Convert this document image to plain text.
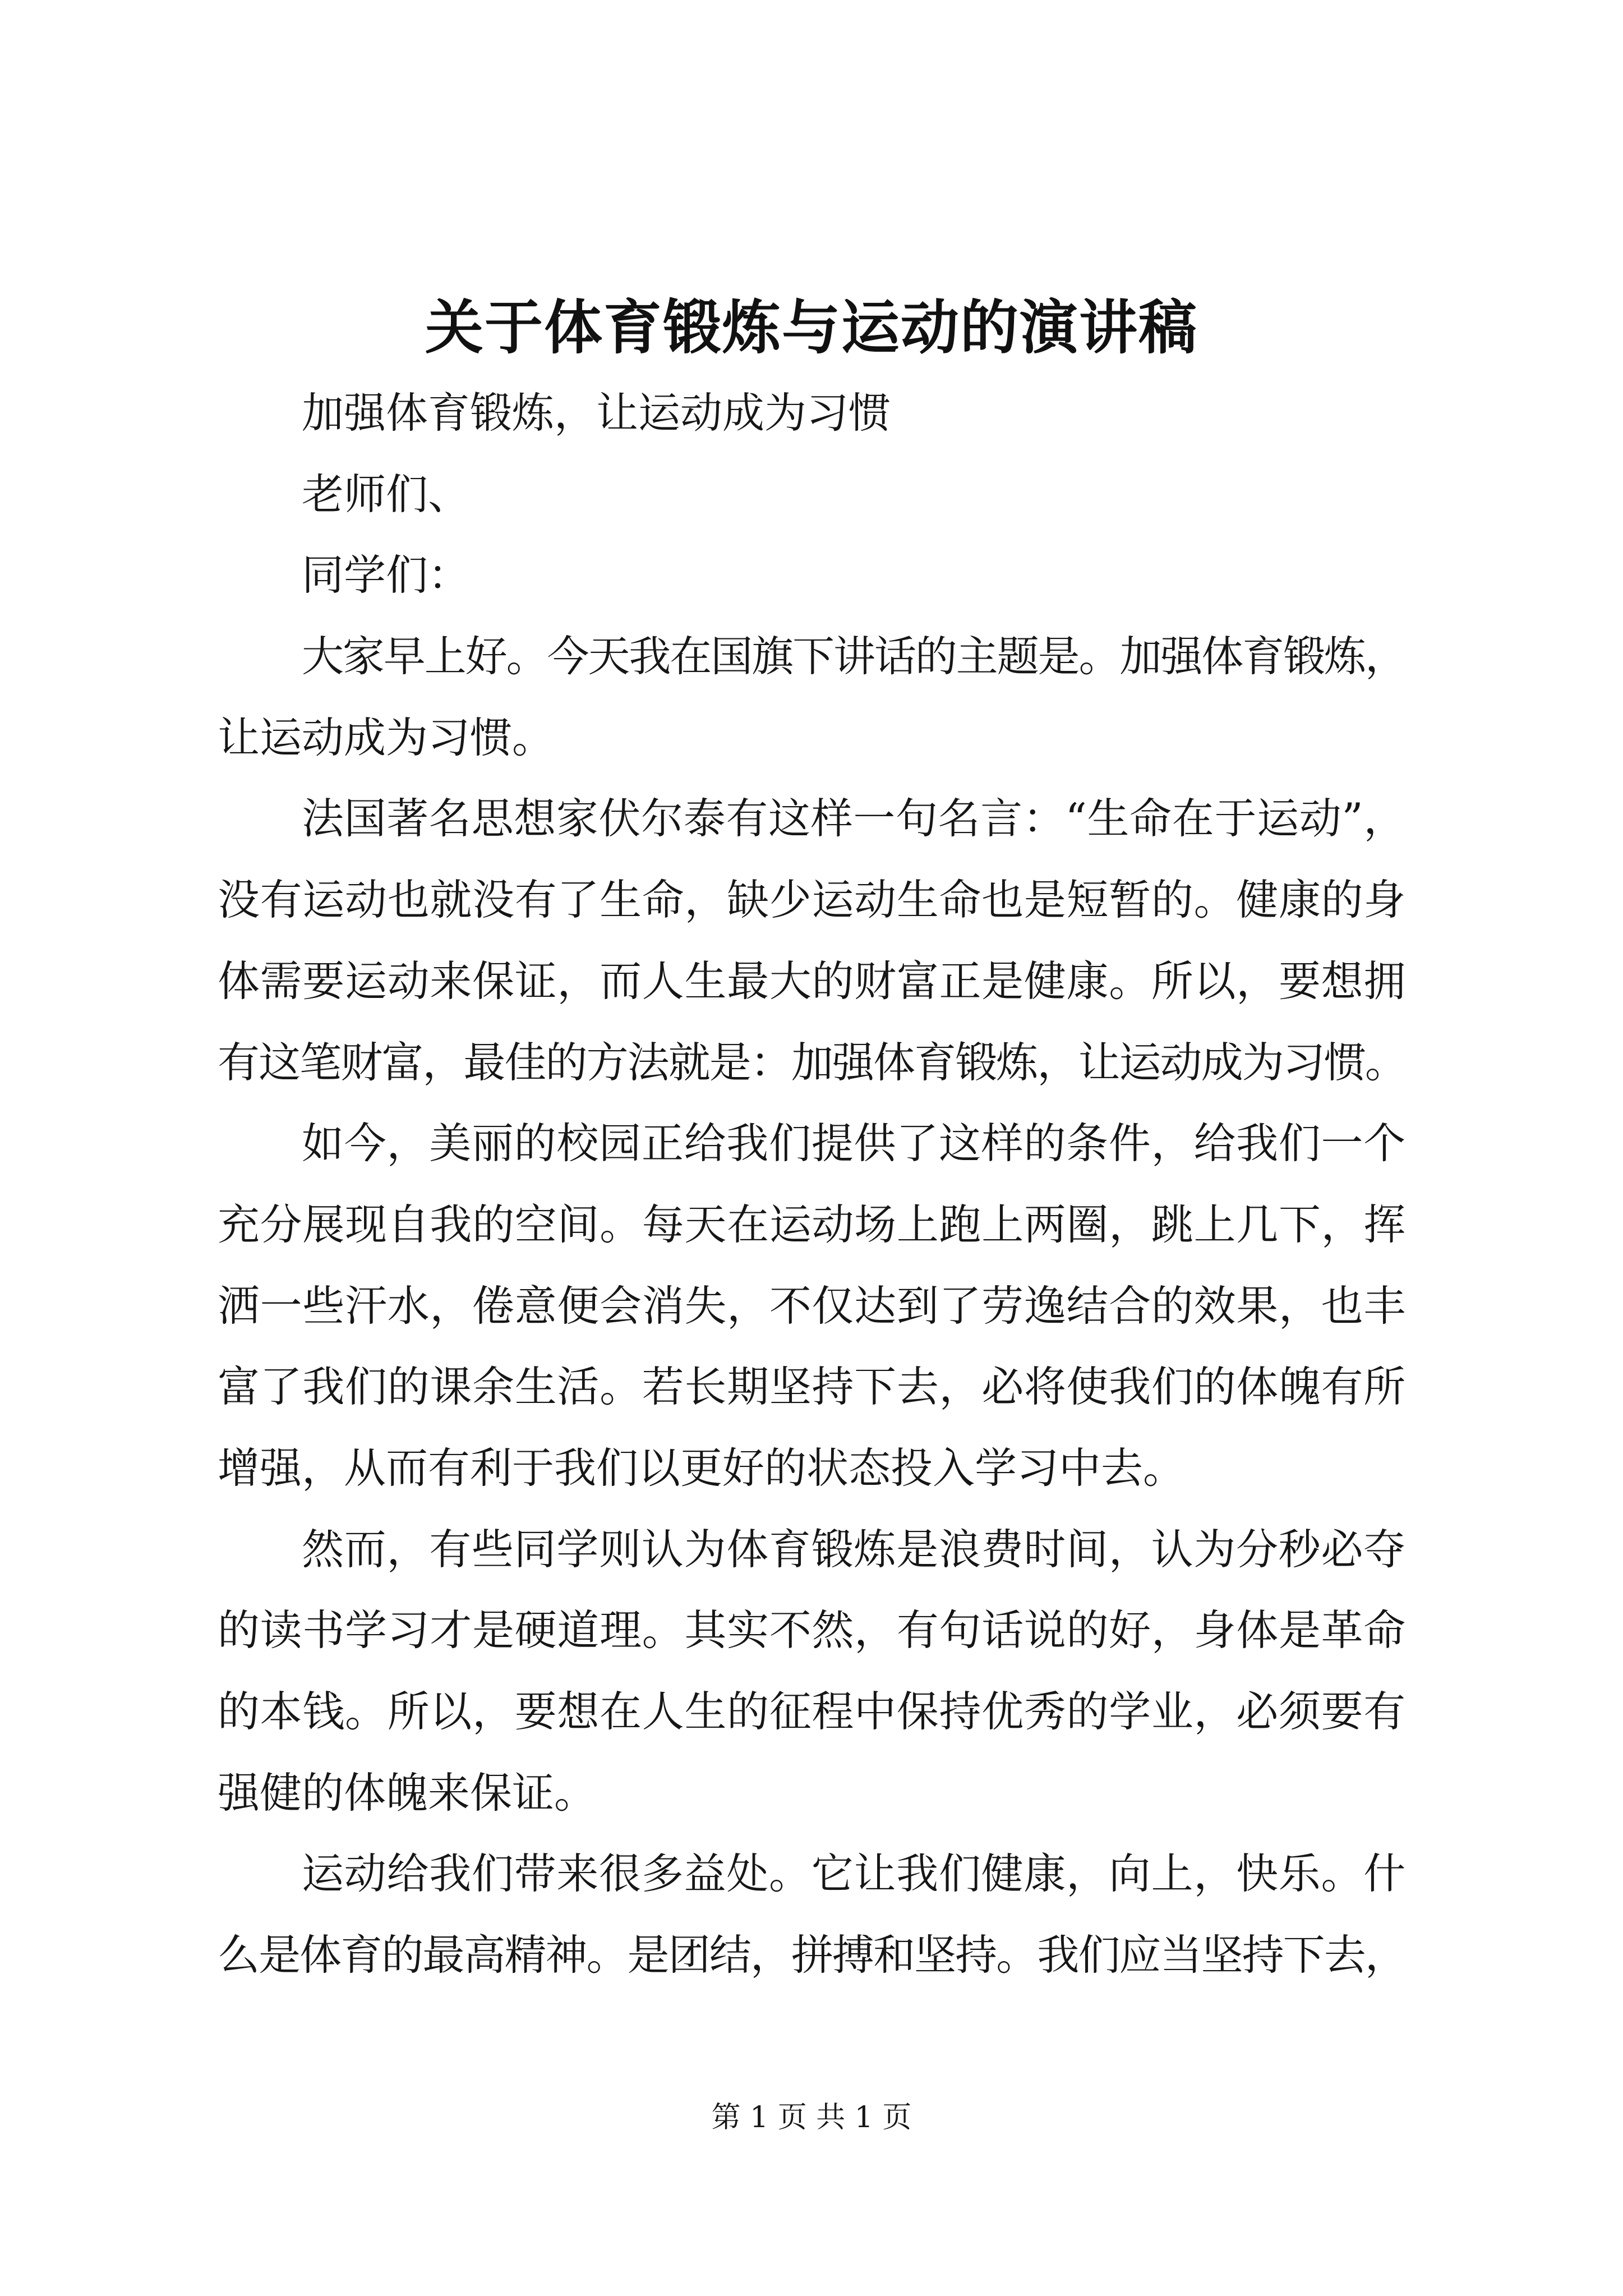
关于体育锻炼与运动的演讲稿
加强体育锻炼，让运动成为习惯
老师们、
同学们：
大家早上好。今天我在国旗下讲话的主题是。加强体育锻炼，
让运动成为习惯。
法国著名思想家伏尔泰有这样一句名言：“生命在于运动”，
没有运动也就没有了生命，缺少运动生命也是短暂的。健康的身
体需要运动来保证，而人生最大的财富正是健康。所以，要想拥
有这笔财富，最佳的方法就是：加强体育锻炼，让运动成为习惯。
如今，美丽的校园正给我们提供了这样的条件，给我们一个
充分展现自我的空间。每天在运动场上跑上两圈，跳上几下，挥
洒一些汗水，倦意便会消失，不仅达到了劳逸结合的效果，也丰
富了我们的课余生活。若长期坚持下去，必将使我们的体魄有所
增强，从而有利于我们以更好的状态投入学习中去。
然而，有些同学则认为体育锻炼是浪费时间，认为分秒必夺
的读书学习才是硬道理。其实不然，有句话说的好，身体是革命
的本钱。所以，要想在人生的征程中保持优秀的学业，必须要有
强健的体魄来保证。
运动给我们带来很多益处。它让我们健康，向上，快乐。什
么是体育的最高精神。是团结，拼搏和坚持。我们应当坚持下去，
第 1 页 共 1 页
